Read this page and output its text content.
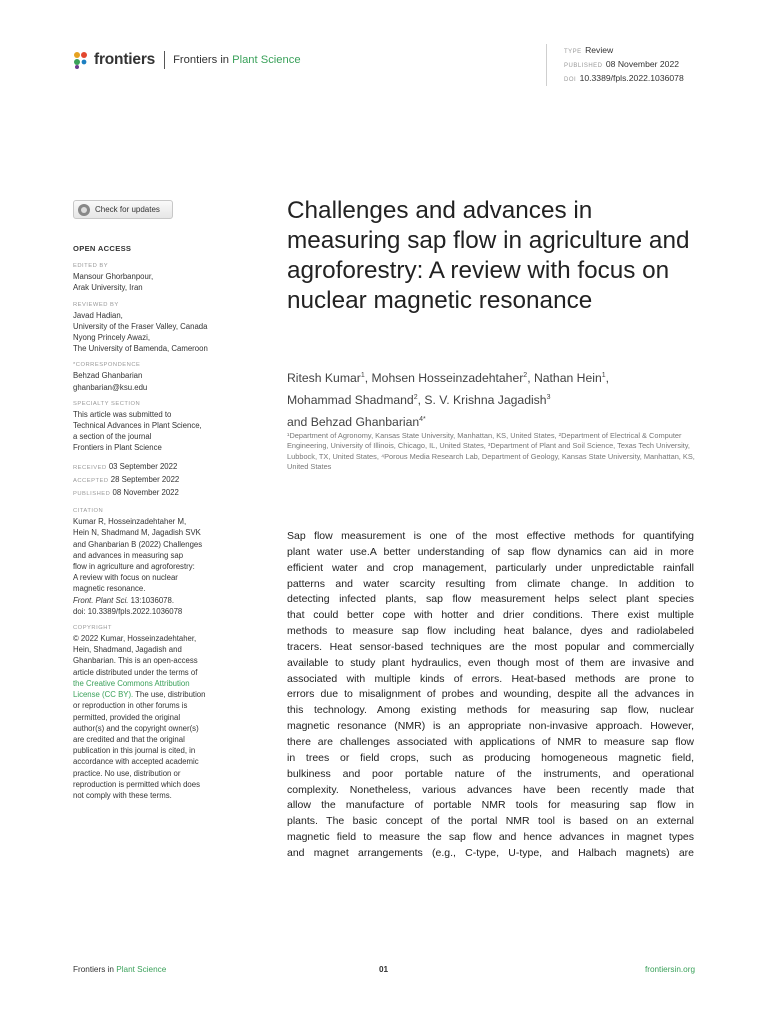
frontiers Frontiers in Plant Science
TYPE Review
PUBLISHED 08 November 2022
DOI 10.3389/fpls.2022.1036078
Check for updates
OPEN ACCESS
EDITED BY
Mansour Ghorbanpour,
Arak University, Iran
REVIEWED BY
Javad Hadian,
University of the Fraser Valley, Canada
Nyong Princely Awazi,
The University of Bamenda, Cameroon
*CORRESPONDENCE
Behzad Ghanbarian
ghanbarian@ksu.edu
SPECIALTY SECTION
This article was submitted to
Technical Advances in Plant Science,
a section of the journal
Frontiers in Plant Science
RECEIVED 03 September 2022
ACCEPTED 28 September 2022
PUBLISHED 08 November 2022
CITATION
Kumar R, Hosseinzadehtaher M,
Hein N, Shadmand M, Jagadish SVK
and Ghanbarian B (2022) Challenges
and advances in measuring sap
flow in agriculture and agroforestry:
A review with focus on nuclear
magnetic resonance.
Front. Plant Sci. 13:1036078.
doi: 10.3389/fpls.2022.1036078
COPYRIGHT
© 2022 Kumar, Hosseinzadehtaher,
Hein, Shadmand, Jagadish and
Ghanbarian. This is an open-access
article distributed under the terms of
the Creative Commons Attribution
License (CC BY). The use, distribution
or reproduction in other forums is
permitted, provided the original
author(s) and the copyright owner(s)
are credited and that the original
publication in this journal is cited, in
accordance with accepted academic
practice. No use, distribution or
reproduction is permitted which does
not comply with these terms.
Challenges and advances in measuring sap flow in agriculture and agroforestry: A review with focus on nuclear magnetic resonance
Ritesh Kumar$^1$, Mohsen Hosseinzadehtaher$^2$, Nathan Hein$^1$,
Mohammad Shadmand$^2$, S. V. Krishna Jagadish$^3$
and Behzad Ghanbarian$^{4*}$
¹Department of Agronomy, Kansas State University, Manhattan, KS, United States, ²Department of Electrical & Computer Engineering, University of Illinois, Chicago, IL, United States, ³Department of Plant and Soil Science, Texas Tech University, Lubbock, TX, United States, ⁴Porous Media Research Lab, Department of Geology, Kansas State University, Manhattan, KS, United States
Sap flow measurement is one of the most effective methods for quantifying
plant water use.A better understanding of sap flow dynamics can aid in more
efficient water and crop management, particularly under unpredictable rainfall
patterns and water scarcity resulting from climate change. In addition to
detecting infected plants, sap flow measurement helps select plant species
that could better cope with hotter and drier conditions. There exist multiple
methods to measure sap flow including heat balance, dyes and radiolabeled
tracers. Heat sensor-based techniques are the most popular and commercially
available to study plant hydraulics, even though most of them are invasive and
associated with multiple kinds of errors. Heat-based methods are prone to
errors due to misalignment of probes and wounding, despite all the advances in
this technology. Among existing methods for measuring sap flow, nuclear
magnetic resonance (NMR) is an appropriate non-invasive approach. However,
there are challenges associated with applications of NMR to measure sap flow
in trees or field crops, such as producing homogeneous magnetic field,
bulkiness and poor portable nature of the instruments, and operational
complexity. Nonetheless, various advances have been recently made that
allow the manufacture of portable NMR tools for measuring sap flow in
plants. The basic concept of the portal NMR tool is based on an external
magnetic field to measure the sap flow and hence advances in magnet types
and magnet arrangements (e.g., C-type, U-type, and Halbach magnets) are
Frontiers in Plant Science	01	frontiersin.org
